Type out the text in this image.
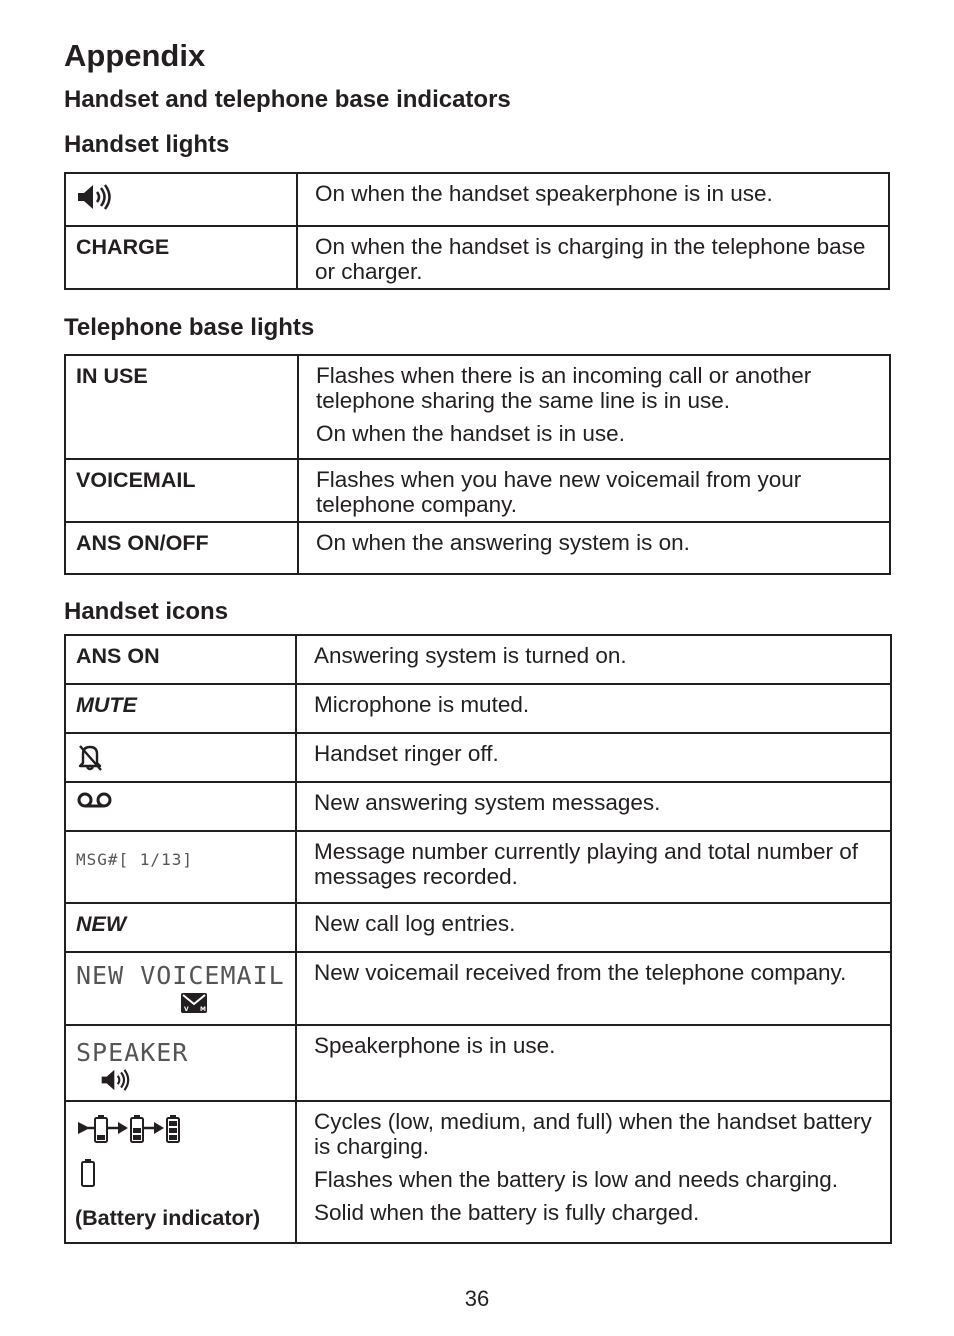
Appendix
Handset and telephone base indicators
Handset lights

On when the handset speakerphone is in use.

CHARGE	On when the handset is charging in the telephone base or charger.

Telephone base lights
IN USE	Flashes when there is an incoming call or another telephone sharing the same line is in use.

On when the handset is in use.

VOICEMAIL	Flashes when you have new voicemail from your telephone company.

ANS ON/OFF	On when the answering system is on.

Handset icons
ANS ON	Answering system is turned on.

MUTE	Microphone is muted.

Handset ringer off.

New answering system messages.

MSG#[ 1/13]	Message number currently playing and total number of messages recorded.

NEW	New call log entries.

NEW VOICEMAIL
V M	New voicemail received from the telephone company.

SPEAKER	Speakerphone is in use.

(Battery indicator)	Cycles (low, medium, and full) when the handset battery is charging.

Flashes when the battery is low and needs charging.

Solid when the battery is fully charged.

36
